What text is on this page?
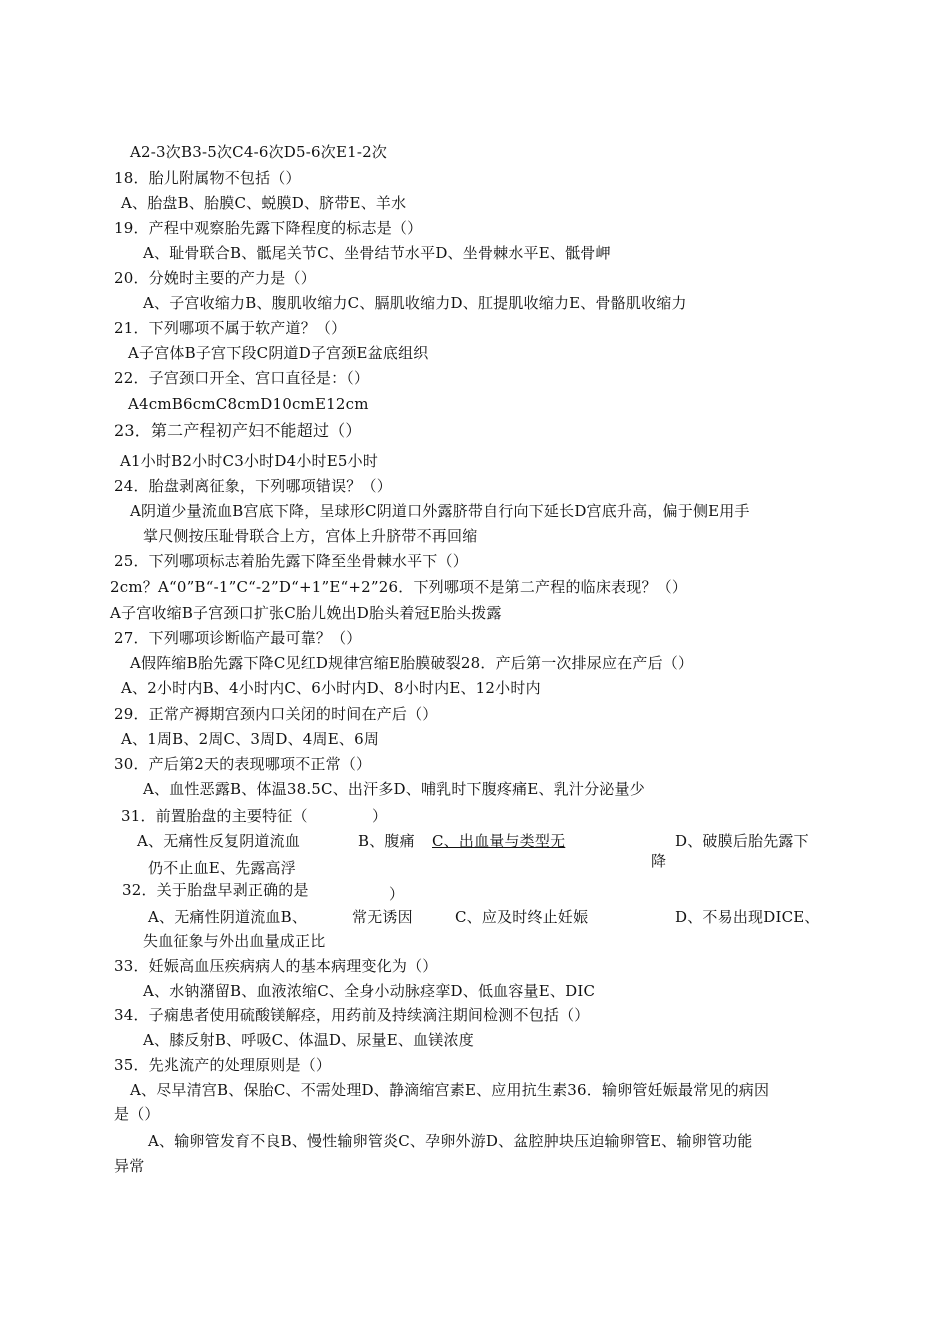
A2-3次B3-5次C4-6次D5-6次E1-2次
18．胎儿附属物不包括（）
A、胎盘B、胎膜C、蜕膜D、脐带E、羊水
19．产程中观察胎先露下降程度的标志是（）
A、耻骨联合B、骶尾关节C、坐骨结节水平D、坐骨棘水平E、骶骨岬
20．分娩时主要的产力是（）
A、子宫收缩力B、腹肌收缩力C、膈肌收缩力D、肛提肌收缩力E、骨骼肌收缩力
21．下列哪项不属于软产道？（）
A子宫体B子宫下段C阴道D子宫颈E盆底组织
22．子宫颈口开全、宫口直径是：（）
A4cmB6cmC8cmD10cmE12cm
23．第二产程初产妇不能超过（）
A1小时B2小时C3小时D4小时E5小时
24．胎盘剥离征象，下列哪项错误？（）
A阴道少量流血B宫底下降，呈球形C阴道口外露脐带自行向下延长D宫底升高，偏于侧E用手
掌尺侧按压耻骨联合上方，宫体上升脐带不再回缩
25．下列哪项标志着胎先露下降至坐骨棘水平下（）
2cm？A“0”B“-1”C“-2”D“+1”E“+2”26．下列哪项不是第二产程的临床表现？（）
A子宫收缩B子宫颈口扩张C胎儿娩出D胎头着冠E胎头拨露
27．下列哪项诊断临产最可靠？（）
A假阵缩B胎先露下降C见红D规律宫缩E胎膜破裂28．产后第一次排尿应在产后（）
A、2小时内B、4小时内C、6小时内D、8小时内E、12小时内
29．正常产褥期宫颈内口关闭的时间在产后（）
A、1周B、2周C、3周D、4周E、6周
30．产后第2天的表现哪项不正常（）
A、血性恶露B、体温38.5C、出汗多D、哺乳时下腹疼痛E、乳汁分泌量少
31．前置胎盘的主要特征（	）
A、无痛性反复阴道流血	B、腹痛 C、出血量与类型无	D、破膜后胎先露下
降
仍不止血E、先露高浮
32．关于胎盘早剥正确的是	）
A、无痛性阴道流血B、	常无诱因	C、应及时终止妊娠	D、不易出现DICE、
失血征象与外出血量成正比
33．妊娠高血压疾病病人的基本病理变化为（）
A、水钠潴留B、血液浓缩C、全身小动脉痉挛D、低血容量E、DIC
34．子痫患者使用硫酸镁解痉，用药前及持续滴注期间检测不包括（）
A、膝反射B、呼吸C、体温D、尿量E、血镁浓度
35．先兆流产的处理原则是（）
A、尽早清宫B、保胎C、不需处理D、静滴缩宫素E、应用抗生素36．输卵管妊娠最常见的病因
是（）
A、输卵管发育不良B、慢性输卵管炎C、孕卵外游D、盆腔肿块压迫输卵管E、输卵管功能
异常
